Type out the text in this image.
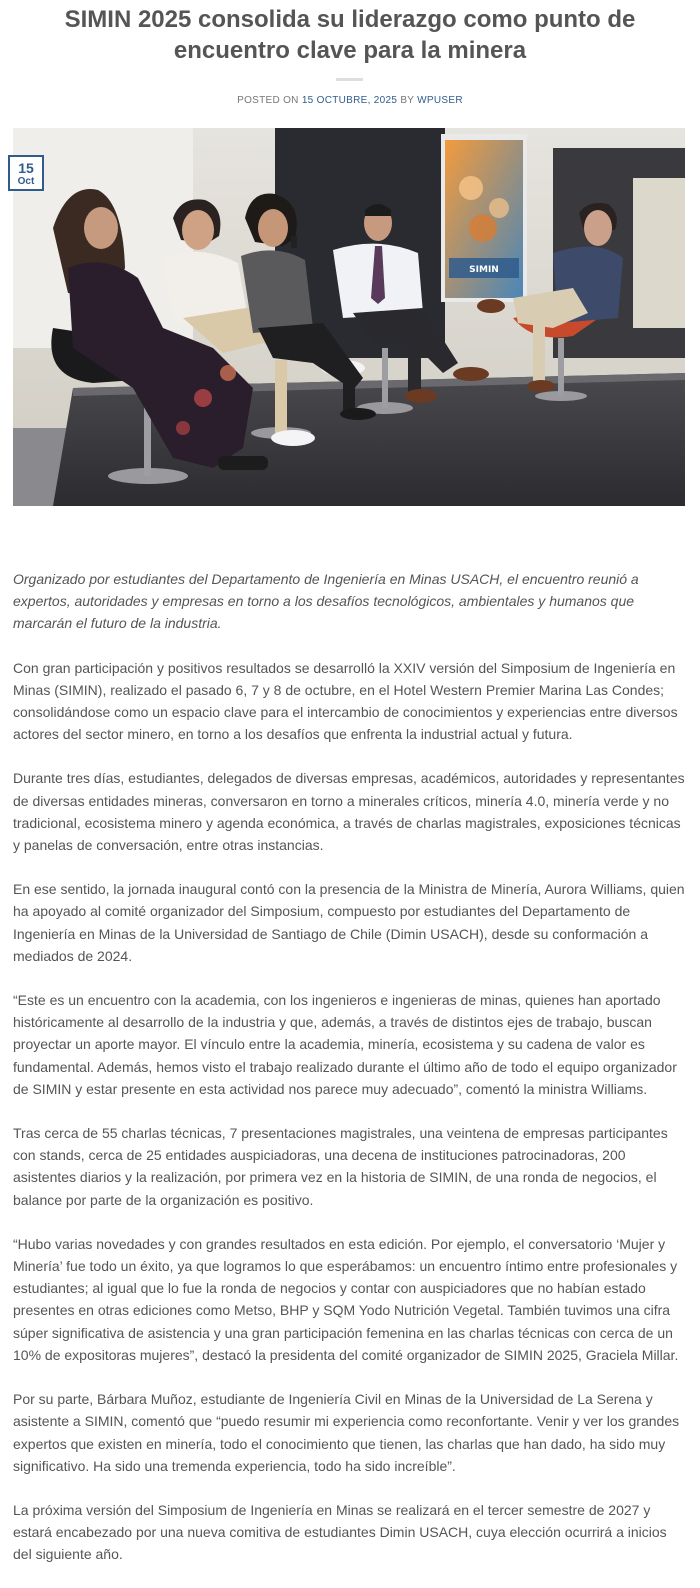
SIMIN 2025 consolida su liderazgo como punto de encuentro clave para la minera
POSTED ON 15 OCTUBRE, 2025 BY WPUSER
SIMIN
15
Oct

Organizado por estudiantes del Departamento de Ingeniería en Minas USACH, el encuentro reunió a expertos, autoridades y empresas en torno a los desafíos tecnológicos, ambientales y humanos que marcarán el futuro de la industria.

Con gran participación y positivos resultados se desarrolló la XXIV versión del Simposium de Ingeniería en Minas (SIMIN), realizado el pasado 6, 7 y 8 de octubre, en el Hotel Western Premier Marina Las Condes; consolidándose como un espacio clave para el intercambio de conocimientos y experiencias entre diversos actores del sector minero, en torno a los desafíos que enfrenta la industrial actual y futura.

Durante tres días, estudiantes, delegados de diversas empresas, académicos, autoridades y representantes de diversas entidades mineras, conversaron en torno a minerales críticos, minería 4.0, minería verde y no tradicional, ecosistema minero y agenda económica, a través de charlas magistrales, exposiciones técnicas y panelas de conversación, entre otras instancias.

En ese sentido, la jornada inaugural contó con la presencia de la Ministra de Minería, Aurora Williams, quien ha apoyado al comité organizador del Simposium, compuesto por estudiantes del Departamento de Ingeniería en Minas de la Universidad de Santiago de Chile (Dimin USACH), desde su conformación a mediados de 2024.

“Este es un encuentro con la academia, con los ingenieros e ingenieras de minas, quienes han aportado históricamente al desarrollo de la industria y que, además, a través de distintos ejes de trabajo, buscan proyectar un aporte mayor. El vínculo entre la academia, minería, ecosistema y su cadena de valor es fundamental. Además, hemos visto el trabajo realizado durante el último año de todo el equipo organizador de SIMIN y estar presente en esta actividad nos parece muy adecuado”, comentó la ministra Williams.

Tras cerca de 55 charlas técnicas, 7 presentaciones magistrales, una veintena de empresas participantes con stands, cerca de 25 entidades auspiciadoras, una decena de instituciones patrocinadoras, 200 asistentes diarios y la realización, por primera vez en la historia de SIMIN, de una ronda de negocios, el balance por parte de la organización es positivo.

“Hubo varias novedades y con grandes resultados en esta edición. Por ejemplo, el conversatorio ‘Mujer y Minería’ fue todo un éxito, ya que logramos lo que esperábamos: un encuentro íntimo entre profesionales y estudiantes; al igual que lo fue la ronda de negocios y contar con auspiciadores que no habían estado presentes en otras ediciones como Metso, BHP y SQM Yodo Nutrición Vegetal. También tuvimos una cifra súper significativa de asistencia y una gran participación femenina en las charlas técnicas con cerca de un 10% de expositoras mujeres”, destacó la presidenta del comité organizador de SIMIN 2025, Graciela Millar.

Por su parte, Bárbara Muñoz, estudiante de Ingeniería Civil en Minas de la Universidad de La Serena y asistente a SIMIN, comentó que “puedo resumir mi experiencia como reconfortante. Venir y ver los grandes expertos que existen en minería, todo el conocimiento que tienen, las charlas que han dado, ha sido muy significativo. Ha sido una tremenda experiencia, todo ha sido increíble”.

La próxima versión del Simposium de Ingeniería en Minas se realizará en el tercer semestre de 2027 y estará encabezado por una nueva comitiva de estudiantes Dimin USACH, cuya elección ocurrirá a inicios del siguiente año.
